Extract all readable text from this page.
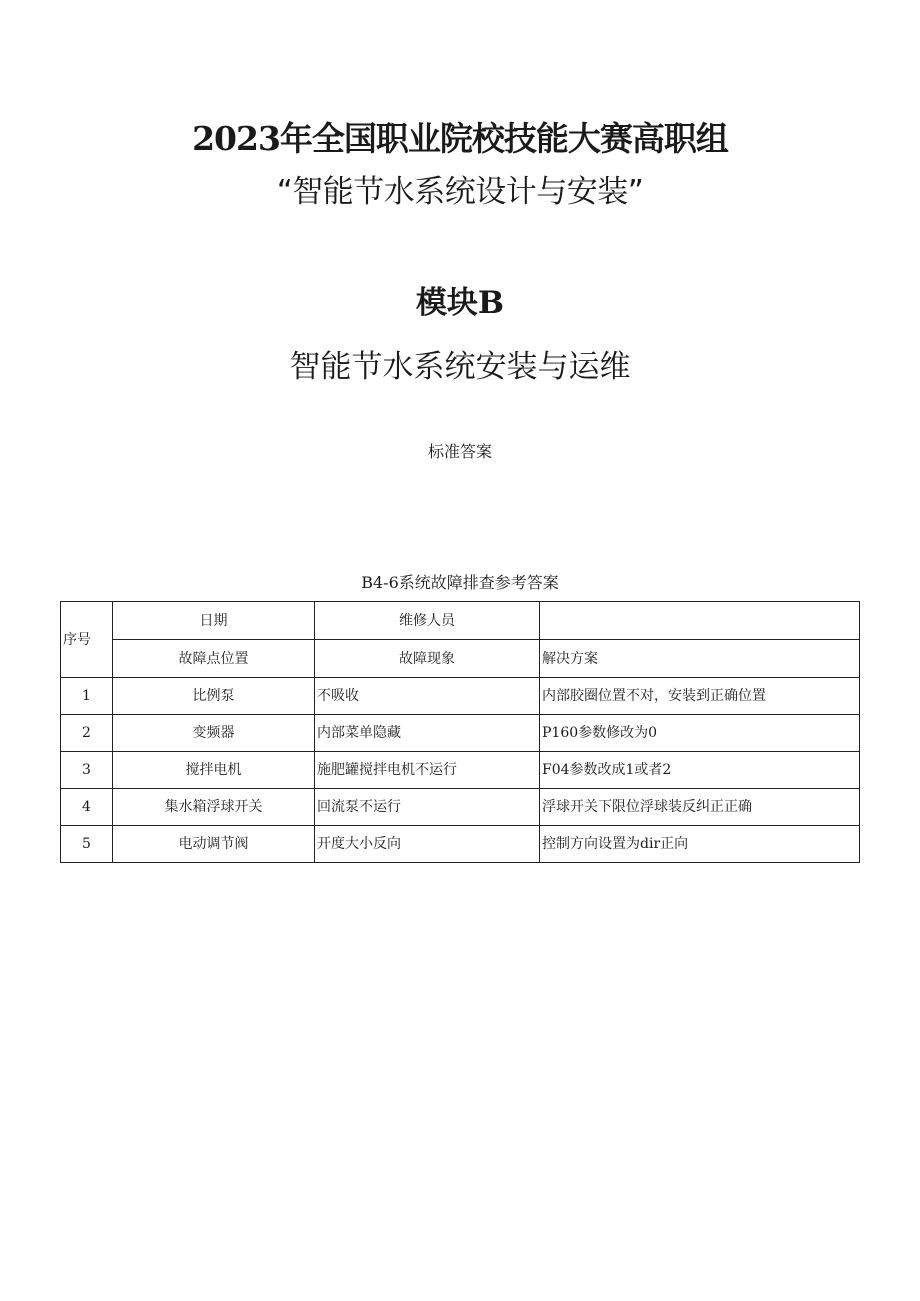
2023年全国职业院校技能大赛高职组
“智能节水系统设计与安装”
模块B
智能节水系统安装与运维
标准答案
B4-6系统故障排查参考答案
序号	日期	维修人员	
	故障点位置	故障现象	解决方案
1	比例泵	不吸收	内部胶圈位置不对，安装到正确位置
2	变频器	内部菜单隐藏	P160参数修改为0
3	搅拌电机	施肥罐搅拌电机不运行	F04参数改成1或者2
4	集水箱浮球开关	回流泵不运行	浮球开关下限位浮球装反纠正正确
5	电动调节阀	开度大小反向	控制方向设置为dir正向
